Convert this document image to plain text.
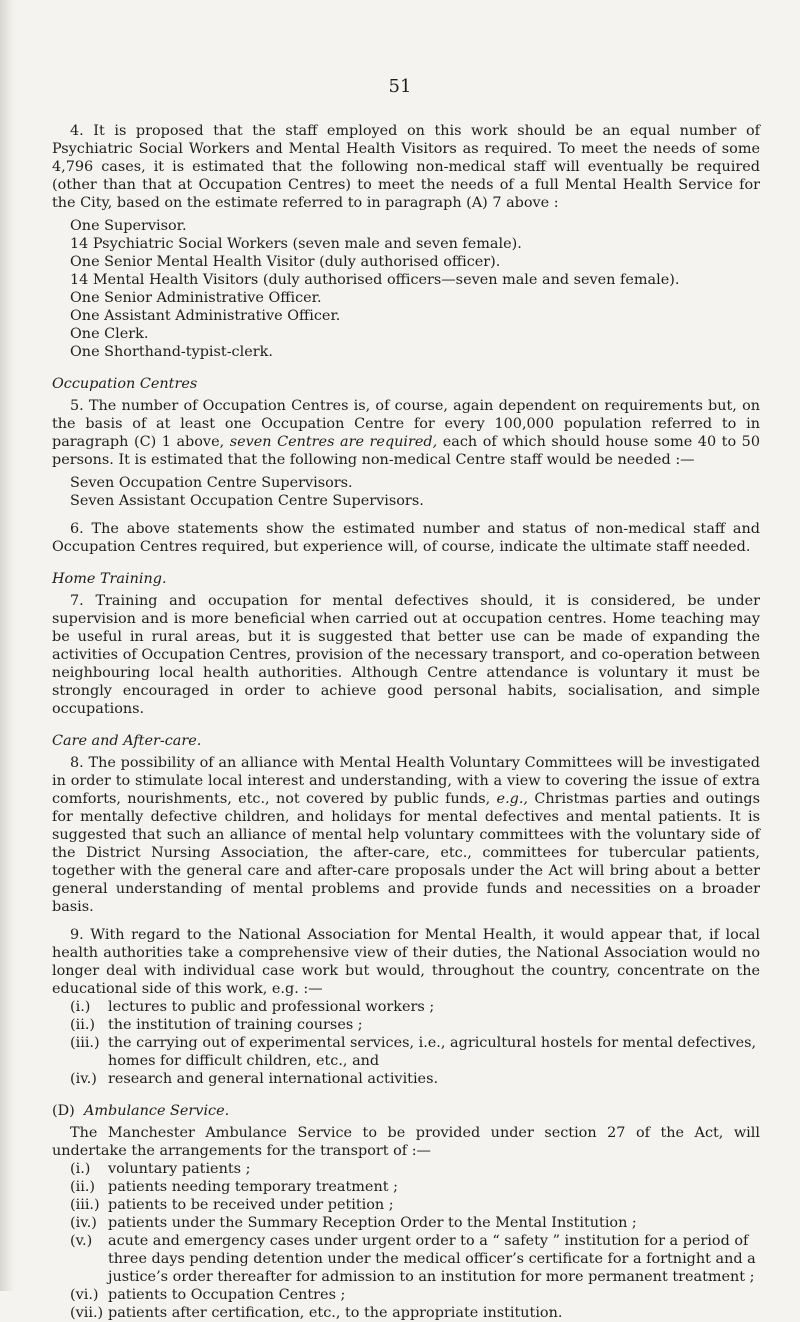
51

4. It is proposed that the staff employed on this work should be an equal number of Psychiatric Social Workers and Mental Health Visitors as required. To meet the needs of some 4,796 cases, it is estimated that the following non-medical staff will eventually be required (other than that at Occupation Centres) to meet the needs of a full Mental Health Service for the City, based on the estimate referred to in paragraph (A) 7 above :

One Supervisor.
14 Psychiatric Social Workers (seven male and seven female).
One Senior Mental Health Visitor (duly authorised officer).
14 Mental Health Visitors (duly authorised officers—seven male and seven female).
One Senior Administrative Officer.
One Assistant Administrative Officer.
One Clerk.
One Shorthand-typist-clerk.

Occupation Centres

5. The number of Occupation Centres is, of course, again dependent on requirements but, on the basis of at least one Occupation Centre for every 100,000 population referred to in paragraph (C) 1 above, seven Centres are required, each of which should house some 40 to 50 persons. It is estimated that the following non-medical Centre staff would be needed :—

Seven Occupation Centre Supervisors.
Seven Assistant Occupation Centre Supervisors.

6. The above statements show the estimated number and status of non-medical staff and Occupation Centres required, but experience will, of course, indicate the ultimate staff needed.

Home Training.

7. Training and occupation for mental defectives should, it is considered, be under supervision and is more beneficial when carried out at occupation centres. Home teaching may be useful in rural areas, but it is suggested that better use can be made of expanding the activities of Occupation Centres, provision of the necessary transport, and co-operation between neighbouring local health authorities. Although Centre attendance is voluntary it must be strongly encouraged in order to achieve good personal habits, socialisation, and simple occupations.

Care and After-care.

8. The possibility of an alliance with Mental Health Voluntary Committees will be investigated in order to stimulate local interest and understanding, with a view to covering the issue of extra comforts, nourishments, etc., not covered by public funds, e.g., Christmas parties and outings for mentally defective children, and holidays for mental defectives and mental patients. It is suggested that such an alliance of mental help voluntary committees with the voluntary side of the District Nursing Association, the after-care, etc., committees for tubercular patients, together with the general care and after-care proposals under the Act will bring about a better general understanding of mental problems and provide funds and necessities on a broader basis.

9. With regard to the National Association for Mental Health, it would appear that, if local health authorities take a comprehensive view of their duties, the National Association would no longer deal with individual case work but would, throughout the country, concentrate on the educational side of this work, e.g. :—

(i.)	lectures to public and professional workers ;
(ii.) the institution of training courses ;
(iii.) the carrying out of experimental services, i.e., agricultural hostels for mental defectives, homes for difficult children, etc., and
(iv.) research and general international activities.

(D) Ambulance Service.

The Manchester Ambulance Service to be provided under section 27 of the Act, will undertake the arrangements for the transport of :—

(i.)	voluntary patients ;
(ii.) patients needing temporary treatment ;
(iii.) patients to be received under petition ;
(iv.) patients under the Summary Reception Order to the Mental Institution ;
(v.)	acute and emergency cases under urgent order to a “ safety ” institution for a period of three days pending detention under the medical officer’s certificate for a fortnight and a justice’s order thereafter for admission to an institution for more permanent treatment ;
(vi.) patients to Occupation Centres ;
(vii.) patients after certification, etc., to the appropriate institution.
